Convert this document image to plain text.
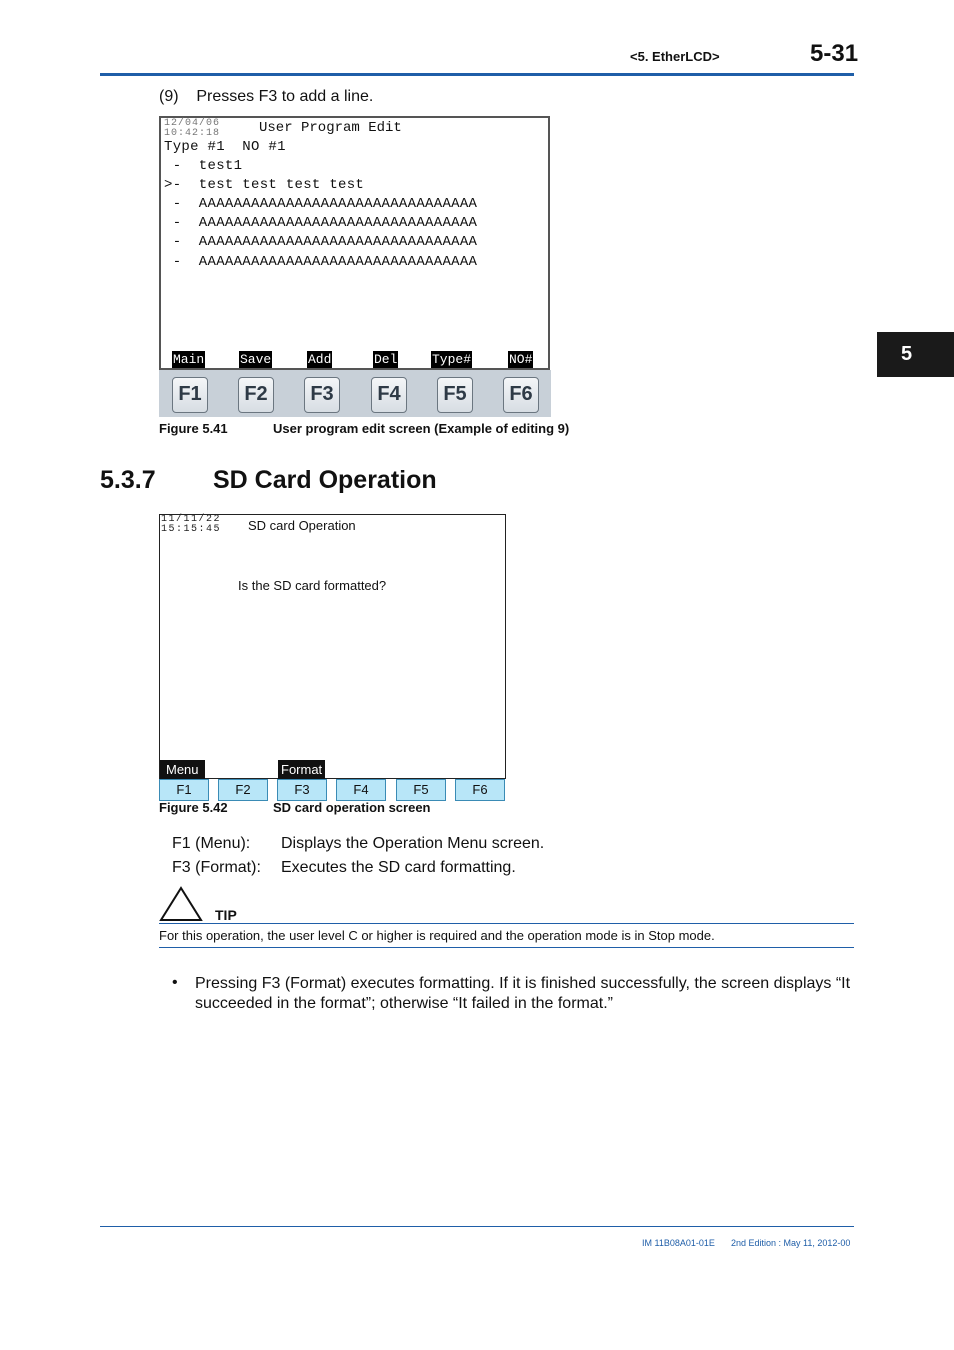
<5. EtherLCD>	5-31
5
(9)    Presses F3 to add a line.
12/04/06
10:42:18	User Program Edit
Type #1  NO #1
-  test1
>-  test test test test
-  AAAAAAAAAAAAAAAAAAAAAAAAAAAAAAAA
-  AAAAAAAAAAAAAAAAAAAAAAAAAAAAAAAA
-  AAAAAAAAAAAAAAAAAAAAAAAAAAAAAAAA
-  AAAAAAAAAAAAAAAAAAAAAAAAAAAAAAAA
Main	Save	Add	Del	Type#	NO#
F1	F2	F3	F4	F5	F6
Figure 5.41	User program edit screen (Example of editing 9)
5.3.7 SD Card Operation
11/11/22
15:15:45 SD card Operation
Is the SD card formatted?
Menu	Format
F1	F2	F3	F4	F5	F6
Figure 5.42	SD card operation screen
F1 (Menu): Displays the Operation Menu screen.
F3 (Format): Executes the SD card formatting.
TIP
For this operation, the user level C or higher is required and the operation mode is in Stop mode.
• Pressing F3 (Format) executes formatting. If it is finished successfully, the screen displays “It succeeded in the format”; otherwise “It failed in the format.”
IM 11B08A01-01E 2nd Edition : May 11, 2012-00
